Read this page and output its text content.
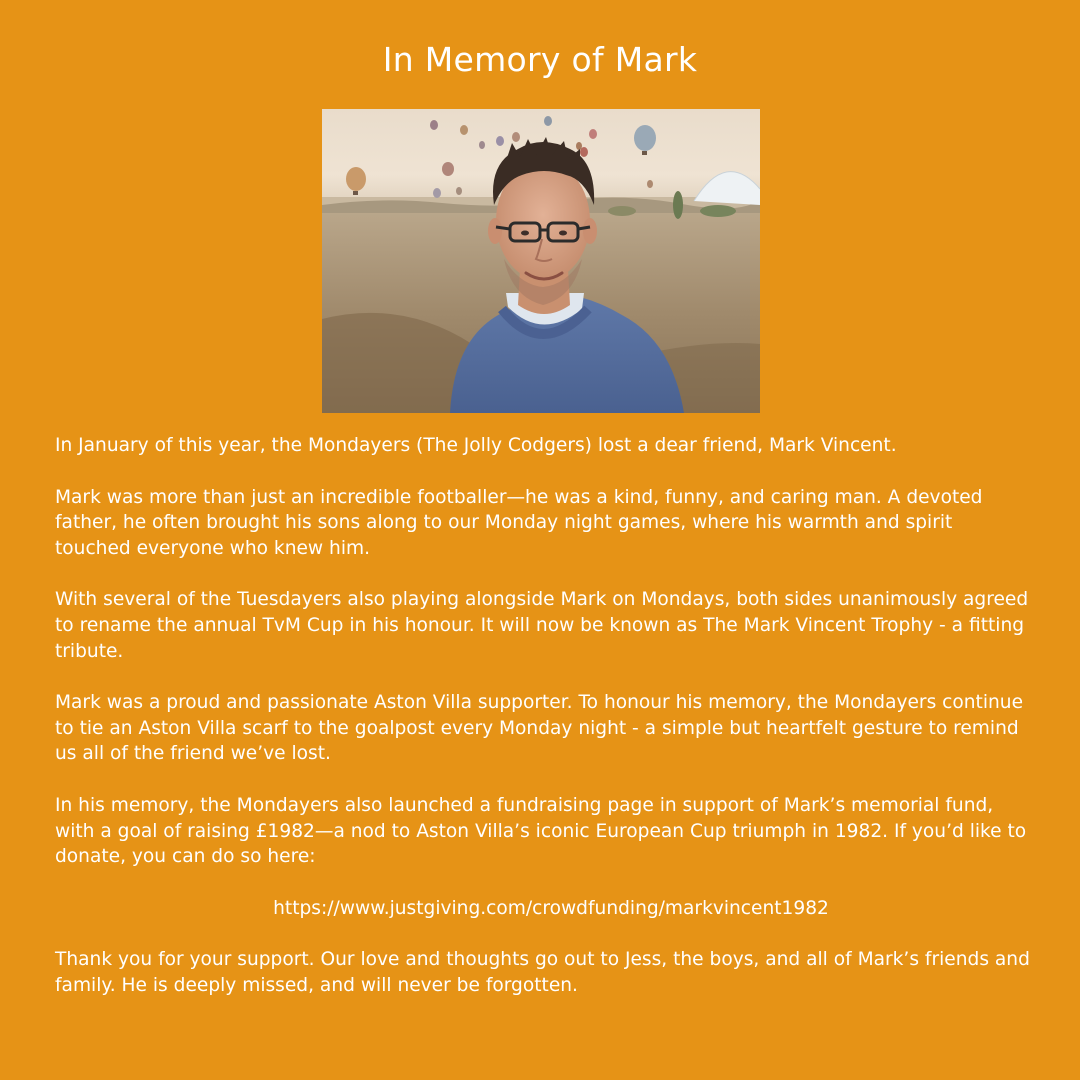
In Memory of Mark

In January of this year, the Mondayers (The Jolly Codgers) lost a dear friend, Mark Vincent.

Mark was more than just an incredible footballer—he was a kind, funny, and caring man. A devoted father, he often brought his sons along to our Monday night games, where his warmth and spirit touched everyone who knew him.

With several of the Tuesdayers also playing alongside Mark on Mondays, both sides unanimously agreed to rename the annual TvM Cup in his honour. It will now be known as The Mark Vincent Trophy - a fitting tribute.

Mark was a proud and passionate Aston Villa supporter. To honour his memory, the Mondayers continue to tie an Aston Villa scarf to the goalpost every Monday night - a simple but heartfelt gesture to remind us all of the friend we’ve lost.

In his memory, the Mondayers also launched a fundraising page in support of Mark’s memorial fund, with a goal of raising £1982—a nod to Aston Villa’s iconic European Cup triumph in 1982. If you’d like to donate, you can do so here:

https://www.justgiving.com/crowdfunding/markvincent1982

Thank you for your support. Our love and thoughts go out to Jess, the boys, and all of Mark’s friends and family. He is deeply missed, and will never be forgotten.
